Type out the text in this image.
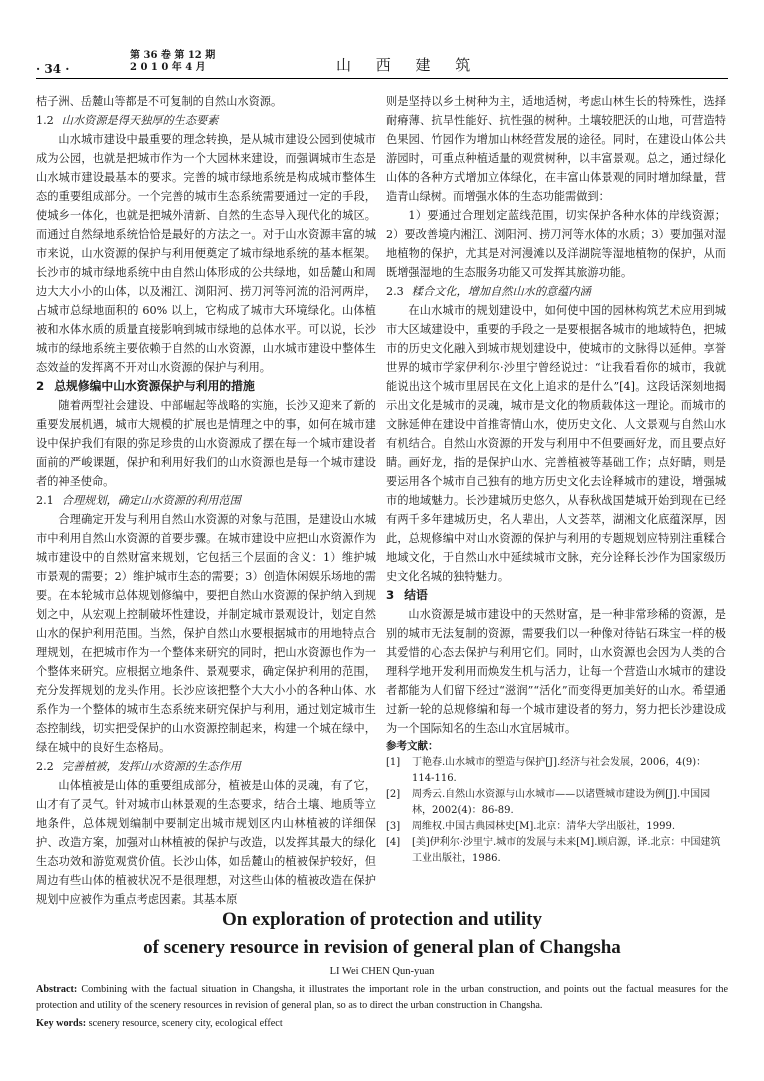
· 34 ·
第 36 卷 第 12 期
2 0 1 0 年 4 月	山 西 建 筑

桔子洲、岳麓山等都是不可复制的自然山水资源。

1.2 山水资源是得天独厚的生态要素

山水城市建设中最重要的理念转换，是从城市建设公园到使城市成为公园，也就是把城市作为一个大园林来建设，而强调城市生态是山水城市建设最基本的要求。完善的城市绿地系统是构成城市整体生态的重要组成部分。一个完善的城市生态系统需要通过一定的手段，使城乡一体化，也就是把城外清新、自然的生态导入现代化的城区。而通过自然绿地系统恰恰是最好的方法之一。对于山水资源丰富的城市来说，山水资源的保护与利用便奠定了城市绿地系统的基本框架。长沙市的城市绿地系统中由自然山体形成的公共绿地，如岳麓山和周边大大小小的山体，以及湘江、浏阳河、捞刀河等河流的沿河两岸，占城市总绿地面积的 60% 以上，它构成了城市大环境绿化。山体植被和水体水质的质量直接影响到城市绿地的总体水平。可以说，长沙城市的绿地系统主要依赖于自然的山水资源，山水城市建设中整体生态效益的发挥离不开对山水资源的保护与利用。

2 总规修编中山水资源保护与利用的措施

随着两型社会建设、中部崛起等战略的实施，长沙又迎来了新的重要发展机遇，城市大规模的扩展也是情理之中的事，如何在城市建设中保护我们有限的弥足珍贵的山水资源成了摆在每一个城市建设者面前的严峻课题，保护和利用好我们的山水资源也是每一个城市建设者的神圣使命。

2.1 合理规划，确定山水资源的利用范围

合理确定开发与利用自然山水资源的对象与范围，是建设山水城市中利用自然山水资源的首要步骤。在城市建设中应把山水资源作为城市建设中的自然财富来规划，它包括三个层面的含义：1）维护城市景观的需要；2）维护城市生态的需要；3）创造休闲娱乐场地的需要。在本轮城市总体规划修编中，要把自然山水资源的保护纳入到规划之中，从宏观上控制破坏性建设，并制定城市景观设计，划定自然山水的保护利用范围。当然，保护自然山水要根据城市的用地特点合理规划，在把城市作为一个整体来研究的同时，把山水资源也作为一个整体来研究。应根据立地条件、景观要求，确定保护利用的范围，充分发挥规划的龙头作用。长沙应该把整个大大小小的各种山体、水系作为一个整体的城市生态系统来研究保护与利用，通过划定城市生态控制线，切实把受保护的山水资源控制起来，构建一个城在绿中，绿在城中的良好生态格局。

2.2 完善植被，发挥山水资源的生态作用

山体植被是山体的重要组成部分，植被是山体的灵魂，有了它，山才有了灵气。针对城市山林景观的生态要求，结合土壤、地质等立地条件，总体规划编制中要制定出城市规划区内山林植被的详细保护、改造方案，加强对山林植被的保护与改造，以发挥其最大的绿化生态功效和游览观赏价值。长沙山体，如岳麓山的植被保护较好，但周边有些山体的植被状况不是很理想，对这些山体的植被改造在保护规划中应被作为重点考虑因素。其基本原

则是坚持以乡土树种为主，适地适树，考虑山林生长的特殊性，选择耐瘠薄、抗旱性能好、抗性强的树种。土壤较肥沃的山地，可营造特色果园、竹园作为增加山林经营发展的途径。同时，在建设山体公共游园时，可重点种植适量的观赏树种，以丰富景观。总之，通过绿化山体的各种方式增加立体绿化，在丰富山体景观的同时增加绿量，营造青山绿树。而增强水体的生态功能需做到：

1）要通过合理划定蓝线范围，切实保护各种水体的岸线资源；2）要改善境内湘江、浏阳河、捞刀河等水体的水质；3）要加强对湿地植物的保护，尤其是对河漫滩以及洋湖院等湿地植物的保护，从而既增强湿地的生态服务功能又可发挥其旅游功能。

2.3 糅合文化，增加自然山水的意蕴内涵

在山水城市的规划建设中，如何使中国的园林构筑艺术应用到城市大区域建设中，重要的手段之一是要根据各城市的地域特色，把城市的历史文化融入到城市规划建设中，使城市的文脉得以延伸。享誉世界的城市学家伊利尔·沙里宁曾经说过：“让我看看你的城市，我就能说出这个城市里居民在文化上追求的是什么”[4]。这段话深刻地揭示出文化是城市的灵魂，城市是文化的物质载体这一理论。而城市的文脉延伸在建设中首推寄情山水，使历史文化、人文景观与自然山水有机结合。自然山水资源的开发与利用中不但要画好龙，而且要点好睛。画好龙，指的是保护山水、完善植被等基础工作；点好睛，则是要运用各个城市自己独有的地方历史文化去诠释城市的建设，增强城市的地域魅力。长沙建城历史悠久，从春秋战国楚城开始到现在已经有两千多年建城历史，名人辈出，人文荟萃，湖湘文化底蕴深厚，因此，总规修编中对山水资源的保护与利用的专题规划应特别注重糅合地域文化，于自然山水中延续城市文脉，充分诠释长沙作为国家级历史文化名城的独特魅力。

3 结语

山水资源是城市建设中的天然财富，是一种非常珍稀的资源，是别的城市无法复制的资源，需要我们以一种像对待钻石珠宝一样的极其爱惜的心态去保护与利用它们。同时，山水资源也会因为人类的合理科学地开发利用而焕发生机与活力，让每一个营造山水城市的建设者都能为人们留下经过“滋润”“活化”而变得更加美好的山水。希望通过新一轮的总规修编和每一个城市建设者的努力，努力把长沙建设成为一个国际知名的生态山水宜居城市。

参考文献：
[1] 丁艳春.山水城市的塑造与保护[J].经济与社会发展，2006，4(9)：114-116.
[2] 周秀云.自然山水资源与山水城市——以诸暨城市建设为例[J].中国园林，2002(4)：86-89.
[3] 周维权.中国古典园林史[M].北京：清华大学出版社，1999.
[4] [美]伊利尔·沙里宁.城市的发展与未来[M].顾启源，译.北京：中国建筑工业出版社，1986.
On exploration of protection and utility
of scenery resource in revision of general plan of Changsha
LI Wei CHEN Qun-yuan
Abstract: Combining with the factual situation in Changsha, it illustrates the important role in the urban construction, and points out the factual measures for the protection and utility of the scenery resources in revision of general plan, so as to direct the urban construction in Changsha.
Key words: scenery resource, scenery city, ecological effect
